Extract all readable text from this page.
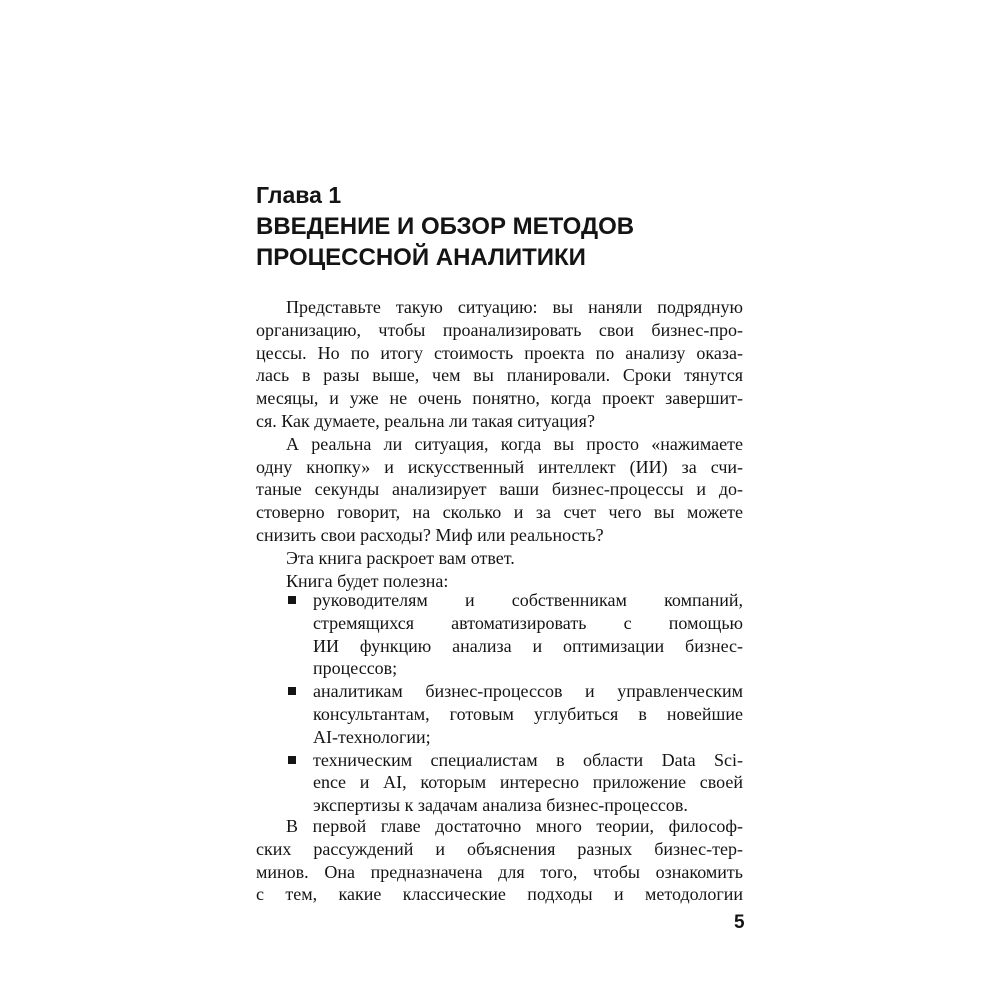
Глава 1
ВВЕДЕНИЕ И ОБЗОР МЕТОДОВ
ПРОЦЕССНОЙ АНАЛИТИКИ
Представьте такую ситуацию: вы наняли подрядную
организацию, чтобы проанализировать свои бизнес-про-
цессы. Но по итогу стоимость проекта по анализу оказа-
лась в разы выше, чем вы планировали. Сроки тянутся
месяцы, и уже не очень понятно, когда проект завершит-
ся. Как думаете, реальна ли такая ситуация?
А реальна ли ситуация, когда вы просто «нажимаете
одну кнопку» и искусственный интеллект (ИИ) за счи-
таные секунды анализирует ваши бизнес-процессы и до-
стоверно говорит, на сколько и за счет чего вы можете
снизить свои расходы? Миф или реальность?
Эта книга раскроет вам ответ.
Книга будет полезна:
руководителям и собственникам компаний,
стремящихся автоматизировать с помощью
ИИ функцию анализа и оптимизации бизнес-
процессов;
аналитикам бизнес-процессов и управленческим
консультантам, готовым углубиться в новейшие
AI-технологии;
техническим специалистам в области Data Sci-
ence и AI, которым интересно приложение своей
экспертизы к задачам анализа бизнес-процессов.
В первой главе достаточно много теории, философ-
ских рассуждений и объяснения разных бизнес-тер-
минов. Она предназначена для того, чтобы ознакомить
с тем, какие классические подходы и методологии
5
